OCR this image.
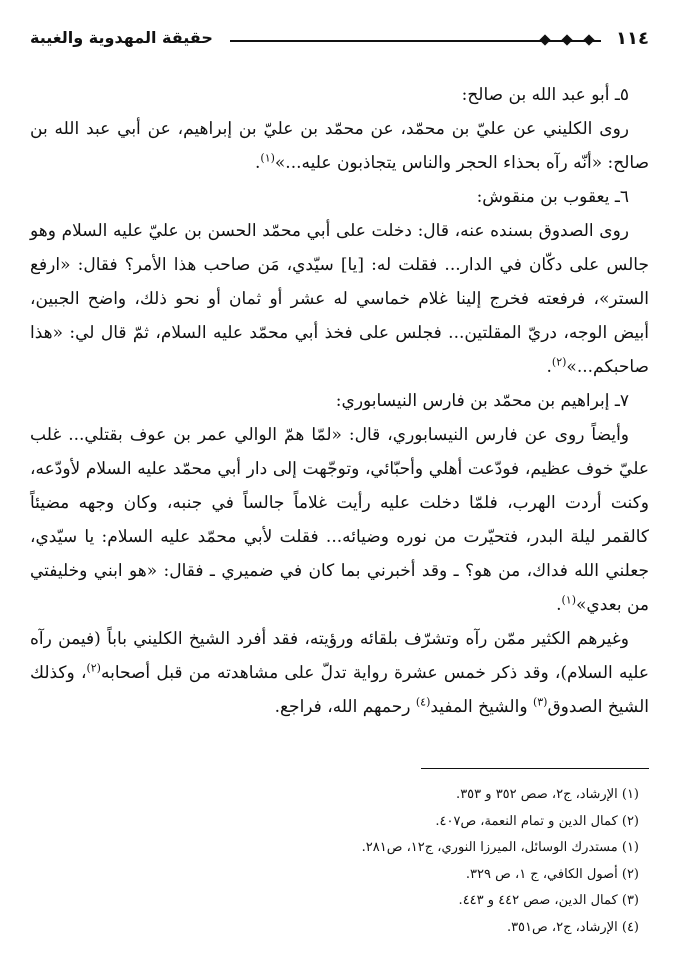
١١٤
حقيقة المهدوية والغيبة

٥ـ أبو عبد الله بن صالح:

روى الكليني عن عليّ بن محمّد، عن محمّد بن عليّ بن إبراهيم، عن أبي عبد الله بن صالح: «أنّه رآه بحذاء الحجر والناس يتجاذبون عليه...»$^{(١)}$.

٦ـ يعقوب بن منقوش:

روى الصدوق بسنده عنه، قال: دخلت على أبي محمّد الحسن بن عليّ عليه السلام وهو جالس على دكّان في الدار... فقلت له: [يا] سيّدي، مَن صاحب هذا الأمر؟ فقال: «ارفع الستر»، فرفعته فخرج إلينا غلام خماسي له عشر أو ثمان أو نحو ذلك، واضح الجبين، أبيض الوجه، دريّ المقلتين... فجلس على فخذ أبي محمّد عليه السلام، ثمّ قال لي: «هذا صاحبكم...»$^{(٢)}$.

٧ـ إبراهيم بن محمّد بن فارس النيسابوري:

وأيضاً روى عن فارس النيسابوري، قال: «لمّا همّ الوالي عمر بن عوف بقتلي... غلب عليّ خوف عظيم، فودّعت أهلي وأحبّائي، وتوجّهت إلى دار أبي محمّد عليه السلام لأودّعه، وكنت أردت الهرب، فلمّا دخلت عليه رأيت غلاماً جالساً في جنبه، وكان وجهه مضيئاً كالقمر ليلة البدر، فتحيّرت من نوره وضيائه... فقلت لأبي محمّد عليه السلام: يا سيّدي، جعلني الله فداك، من هو؟ ـ وقد أخبرني بما كان في ضميري ـ فقال: «هو ابني وخليفتي من بعدي»$^{(١)}$.

وغيرهم الكثير ممّن رآه وتشرّف بلقائه ورؤيته، فقد أفرد الشيخ الكليني باباً (فيمن رآه عليه السلام)، وقد ذكر خمس عشرة رواية تدلّ على مشاهدته من قبل أصحابه$^{(٢)}$، وكذلك الشيخ الصدوق$^{(٣)}$ والشيخ المفيد$^{(٤)}$ رحمهم الله، فراجع.

(١) الإرشاد، ج٢، صص ٣٥٢ و ٣٥٣.
(٢) كمال الدين و تمام النعمة، ص٤٠٧.
(١) مستدرك الوسائل، الميرزا النوري، ج١٢، ص٢٨١.
(٢) أصول الكافي، ج ١، ص ٣٢٩.
(٣) كمال الدين، صص ٤٤٢ و ٤٤٣.
(٤) الإرشاد، ج٢، ص٣٥١.
